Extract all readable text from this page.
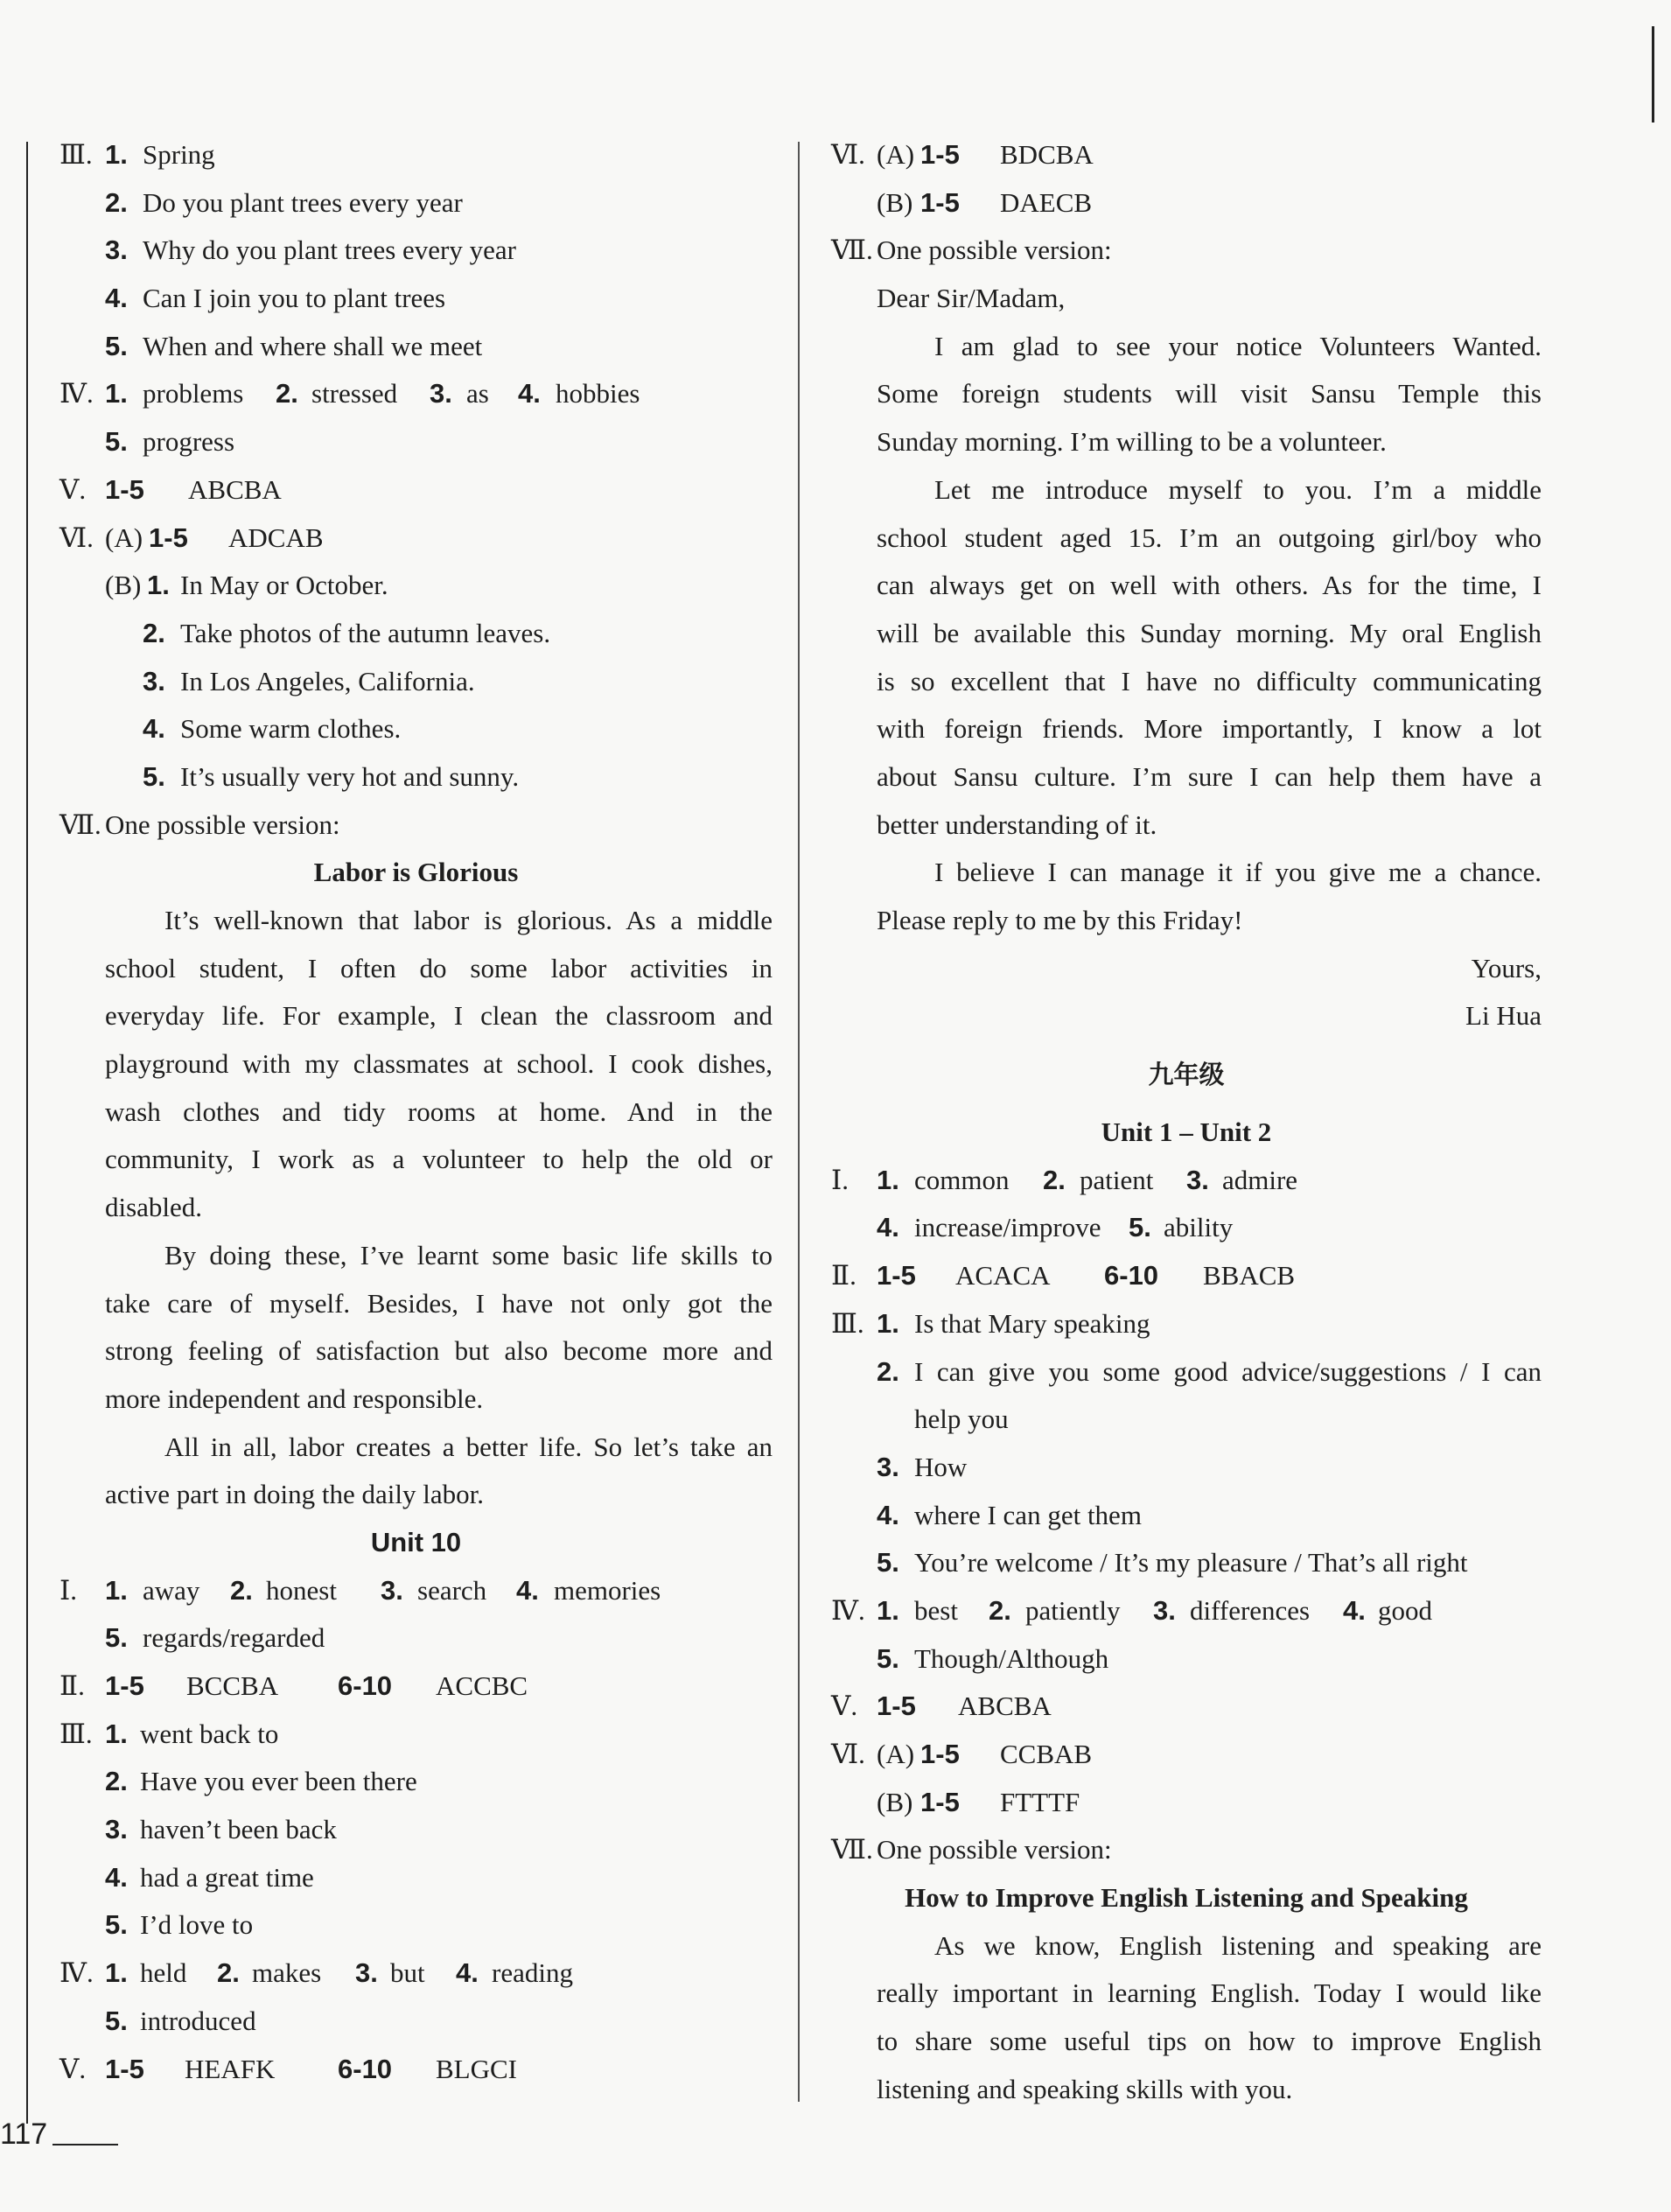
Ⅲ. 1. Spring
2. Do you plant trees every year
3. Why do you plant trees every year
4. Can I join you to plant trees
5. When and where shall we meet
Ⅳ. 1. problems 2. stressed 3. as 4. hobbies
5. progress
Ⅴ. 1-5 ABCBA
Ⅵ. (A) 1-5 ADCAB
(B) 1. In May or October.
2. Take photos of the autumn leaves.
3. In Los Angeles, California.
4. Some warm clothes.
5. It’s usually very hot and sunny.
Ⅶ. One possible version:
Labor is Glorious
It’s well-known that labor is glorious. As a middle
school student, I often do some labor activities in
everyday life. For example, I clean the classroom and
playground with my classmates at school. I cook dishes,
wash clothes and tidy rooms at home. And in the
community, I work as a volunteer to help the old or
disabled.
By doing these, I’ve learnt some basic life skills to
take care of myself. Besides, I have not only got the
strong feeling of satisfaction but also become more and
more independent and responsible.
All in all, labor creates a better life. So let’s take an
active part in doing the daily labor.
Unit 10
Ⅰ. 1. away 2. honest 3. search 4. memories
5. regards/regarded
Ⅱ. 1-5 BCCBA 6-10 ACCBC
Ⅲ. 1. went back to
2. Have you ever been there
3. haven’t been back
4. had a great time
5. I’d love to
Ⅳ. 1. held 2. makes 3. but 4. reading
5. introduced
Ⅴ. 1-5 HEAFK 6-10 BLGCI
Ⅵ. (A) 1-5 BDCBA
(B) 1-5 DAECB
Ⅶ. One possible version:
Dear Sir/Madam,
I am glad to see your notice Volunteers Wanted.
Some foreign students will visit Sansu Temple this
Sunday morning. I’m willing to be a volunteer.
Let me introduce myself to you. I’m a middle
school student aged 15. I’m an outgoing girl/boy who
can always get on well with others. As for the time, I
will be available this Sunday morning. My oral English
is so excellent that I have no difficulty communicating
with foreign friends. More importantly, I know a lot
about Sansu culture. I’m sure I can help them have a
better understanding of it.
I believe I can manage it if you give me a chance.
Please reply to me by this Friday!
Yours,
Li Hua
九年级
Unit 1 – Unit 2
Ⅰ. 1. common 2. patient 3. admire
4. increase/improve 5. ability
Ⅱ. 1-5 ACACA 6-10 BBACB
Ⅲ. 1. Is that Mary speaking
2. I can give you some good advice/suggestions / I can
help you
3. How
4. where I can get them
5. You’re welcome / It’s my pleasure / That’s all right
Ⅳ. 1. best 2. patiently 3. differences 4. good
5. Though/Although
Ⅴ. 1-5 ABCBA
Ⅵ. (A) 1-5 CCBAB
(B) 1-5 FTTTF
Ⅶ. One possible version:
How to Improve English Listening and Speaking
As we know, English listening and speaking are
really important in learning English. Today I would like
to share some useful tips on how to improve English
listening and speaking skills with you.
117
